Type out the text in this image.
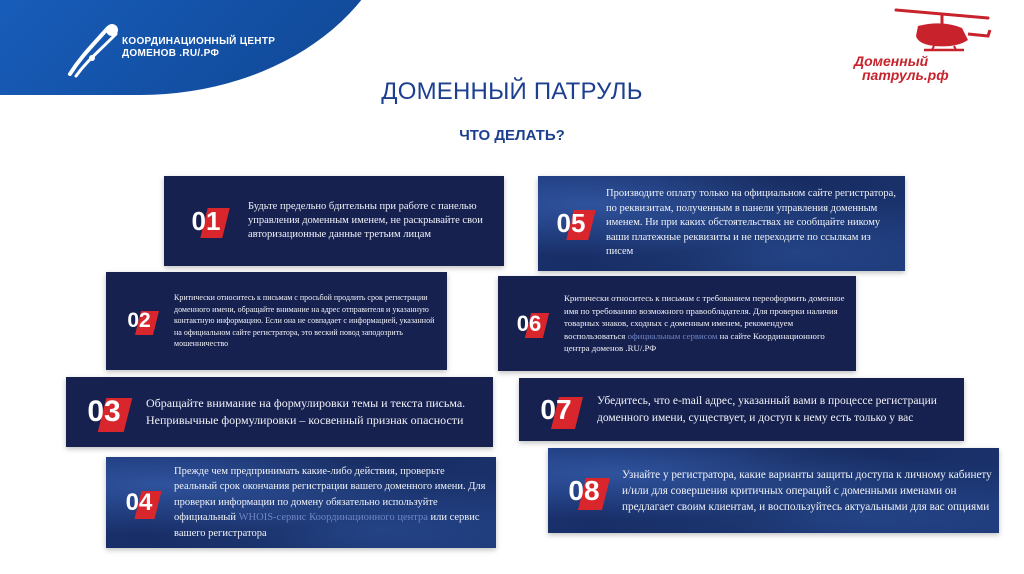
КООРДИНАЦИОННЫЙ ЦЕНТР
ДОМЕНОВ .RU/.РФ	Доменный
патруль.рф
ДОМЕННЫЙ ПАТРУЛЬ
ЧТО ДЕЛАТЬ?
01	Будьте предельно бдительны при работе с панелью управления доменным именем, не раскрывайте свои авторизационные данные третьим лицам
02
Критически относитесь к письмам с просьбой продлить срок регистрации доменного имени, обращайте внимание на адрес отправителя и указанную контактную информацию. Если она не совпадает с информацией, указанной на официальном сайте регистратора, это веский повод заподозрить мошенничество
03	Обращайте внимание на формулировки темы и текста письма. Непривычные формулировки – косвенный признак опасности
04
Прежде чем предпринимать какие-либо действия, проверьте реальный срок окончания регистрации вашего доменного имени. Для проверки информации по домену обязательно используйте официальный WHOIS-сервис Координационного центра или сервис вашего регистратора
05
Производите оплату только на официальном сайте регистратора, по реквизитам, полученным в панели управления доменным именем. Ни при каких обстоятельствах не сообщайте никому ваши платежные реквизиты и не переходите по ссылкам из писем
06
Критически относитесь к письмам с требованием переоформить доменное имя по требованию возможного правообладателя. Для проверки наличия товарных знаков, сходных с доменным именем, рекомендуем воспользоваться официальным сервисом на сайте Координационного центра доменов .RU/.РФ
07	Убедитесь, что e-mail адрес, указанный вами в процессе регистрации доменного имени, существует, и доступ к нему есть только у вас
08	Узнайте у регистратора, какие варианты защиты доступа к личному кабинету и/или для совершения критичных операций с доменными именами он предлагает своим клиентам, и воспользуйтесь актуальными для вас опциями
